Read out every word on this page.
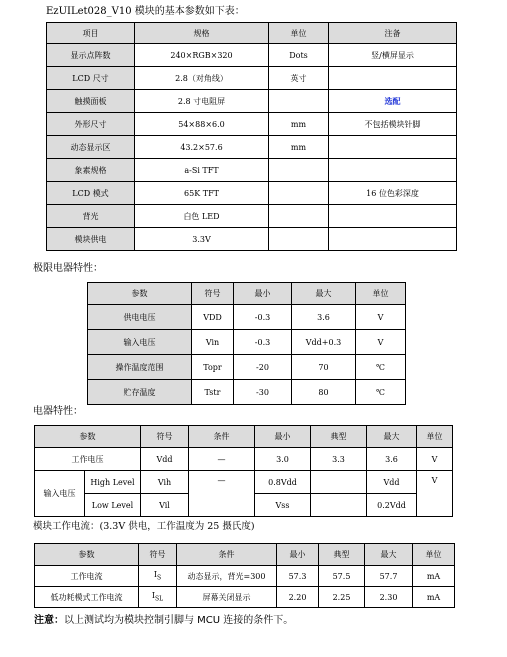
EzUILet028_V10 模块的基本参数如下表：
项目	规格	单位	注备
显示点阵数	240×RGB×320	Dots	竖/横屏显示
LCD 尺寸	2.8（对角线）	英寸	
触摸面板	2.8 寸电阻屏		选配
外形尺寸	54×88×6.0	mm	不包括模块针脚
动态显示区	43.2×57.6	mm	
象素规格	a-Si TFT		
LCD 模式	65K TFT		16 位色彩深度
背光	白色 LED		
模块供电	3.3V		
极限电器特性：
参数	符号	最小	最大	单位
供电电压	VDD	-0.3	3.6	V
输入电压	Vin	-0.3	Vdd+0.3	V
操作温度范围	Topr	-20	70	℃
贮存温度	Tstr	-30	80	℃
电器特性：
参数		符号	条件	最小	典型	最大	单位
工作电压		Vdd	—	3.0	3.3	3.6	V
输入电压	High Level	Vih	—	0.8Vdd		Vdd	V
	Low Level	Vil		Vss		0.2Vdd	
模块工作电流：(3.3V 供电，工作温度为 25 摄氏度)
参数	符号	条件	最小	典型	最大	单位
工作电流	$I_S$	动态显示，背光=300	57.3	57.5	57.7	mA
低功耗模式工作电流	$I_{SL}$	屏幕关闭显示	2.20	2.25	2.30	mA
注意：以上测试均为模块控制引脚与 MCU 连接的条件下。
